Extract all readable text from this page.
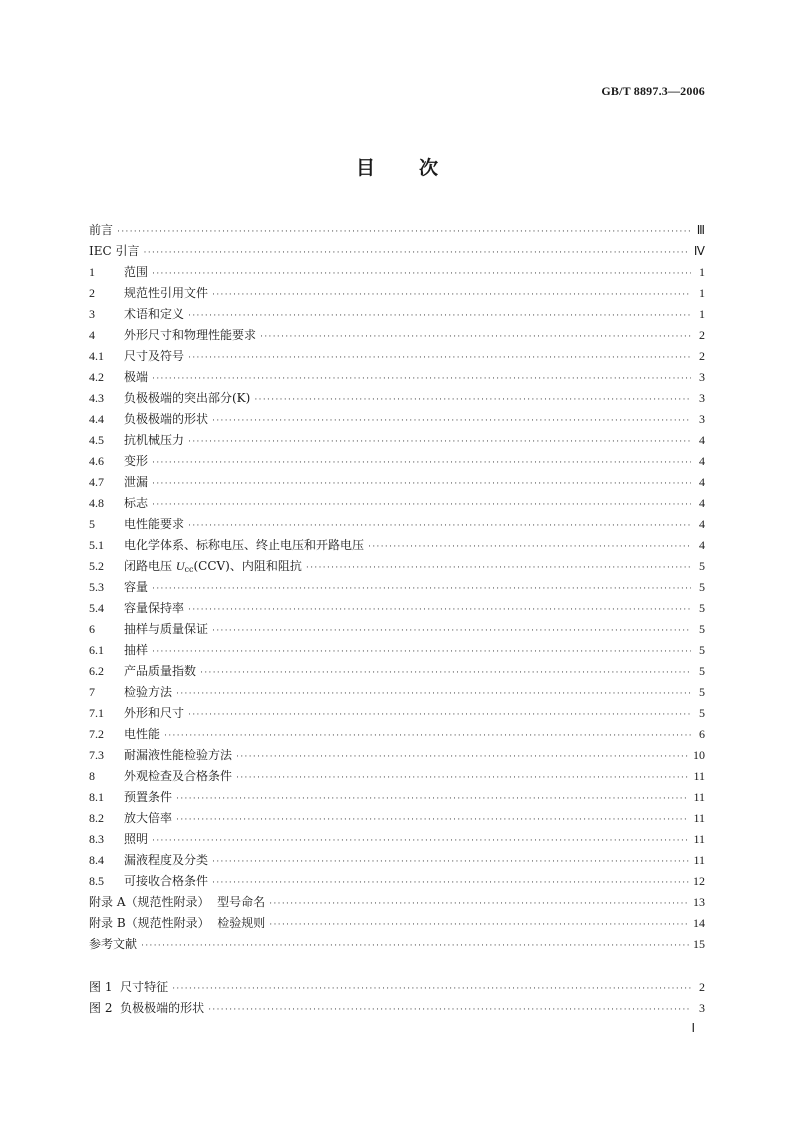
GB/T 8897.3—2006
目 次
前言 ·····	Ⅲ
IEC 引言 ·····	Ⅳ
1	范围 ·····	1
2	规范性引用文件 ·····	1
3	术语和定义 ·····	1
4	外形尺寸和物理性能要求 ·····	2
4.1	尺寸及符号 ·····	2
4.2	极端 ·····	3
4.3	负极极端的突出部分(K) ·····	3
4.4	负极极端的形状 ·····	3
4.5	抗机械压力 ·····	4
4.6	变形 ·····	4
4.7	泄漏 ·····	4
4.8	标志 ·····	4
5	电性能要求 ·····	4
5.1	电化学体系、标称电压、终止电压和开路电压 ·····	4
5.2	闭路电压 $U_{cc}(CCV)$、内阻和阻抗 ·····	5
5.3	容量 ·····	5
5.4	容量保持率 ·····	5
6	抽样与质量保证 ·····	5
6.1	抽样 ·····	5
6.2	产品质量指数 ·····	5
7	检验方法 ·····	5
7.1	外形和尺寸 ·····	5
7.2	电性能 ·····	6
7.3	耐漏液性能检验方法 ·····	10
8	外观检查及合格条件 ·····	11
8.1	预置条件 ·····	11
8.2	放大倍率 ·····	11
8.3	照明 ·····	11
8.4	漏液程度及分类 ·····	11
8.5	可接收合格条件 ·····	12
附录 A（规范性附录）  型号命名 ·····	13
附录 B（规范性附录）  检验规则 ·····	14
参考文献 ·····	15
图 1  尺寸特征 ·····	2
图 2  负极极端的形状 ·····	3
Ⅰ
